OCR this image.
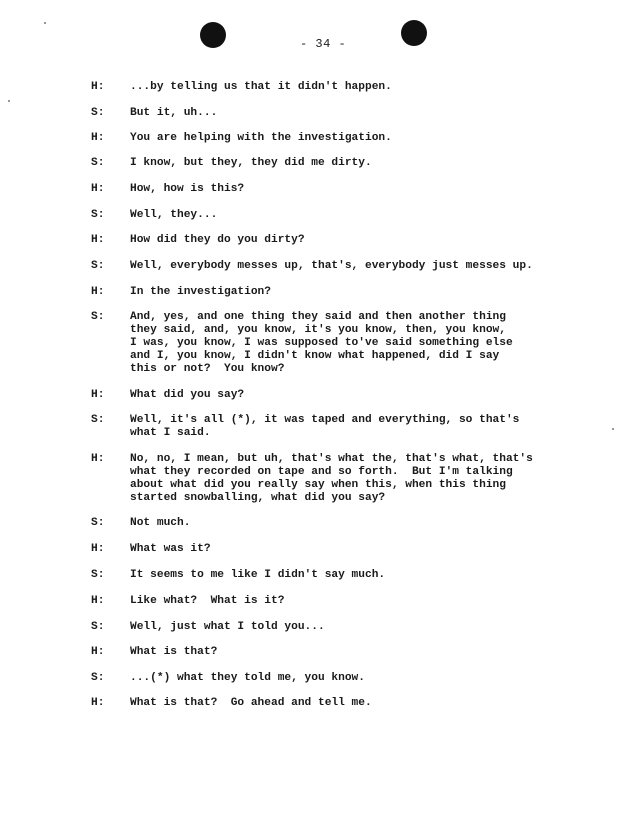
- 34 -
H: ...by telling us that it didn't happen.
S: But it, uh...
H: You are helping with the investigation.
S: I know, but they, they did me dirty.
H: How, how is this?
S: Well, they...
H: How did they do you dirty?
S: Well, everybody messes up, that's, everybody just messes up.
H: In the investigation?
S: And, yes, and one thing they said and then another thing
they said, and, you know, it's you know, then, you know,
I was, you know, I was supposed to've said something else
and I, you know, I didn't know what happened, did I say
this or not?  You know?
H: What did you say?
S: Well, it's all (*), it was taped and everything, so that's
what I said.
H: No, no, I mean, but uh, that's what the, that's what, that's
what they recorded on tape and so forth.  But I'm talking
about what did you really say when this, when this thing
started snowballing, what did you say?
S: Not much.
H: What was it?
S: It seems to me like I didn't say much.
H: Like what?  What is it?
S: Well, just what I told you...
H: What is that?
S: ...(*) what they told me, you know.
H: What is that?  Go ahead and tell me.
